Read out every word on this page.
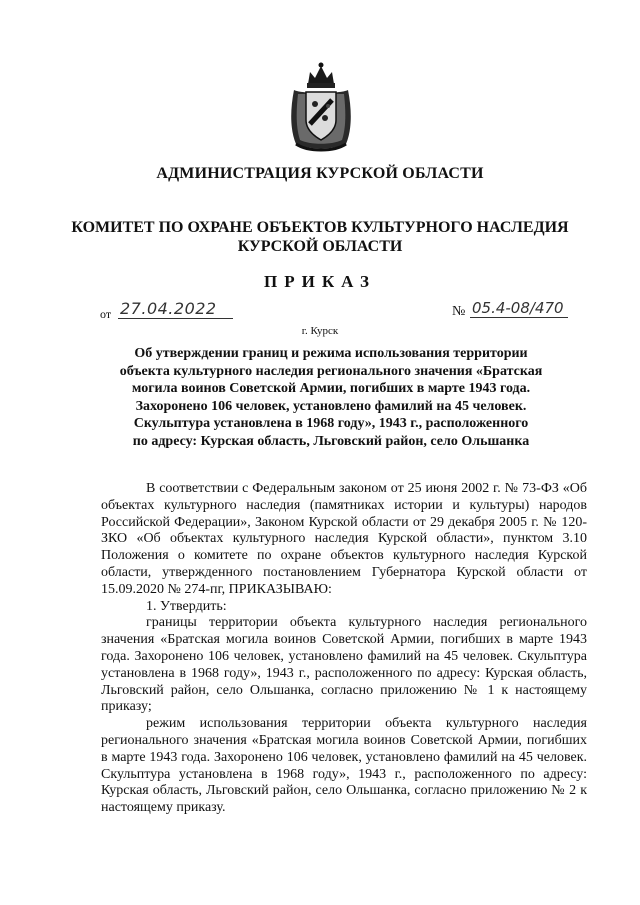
АДМИНИСТРАЦИЯ КУРСКОЙ ОБЛАСТИ
КОМИТЕТ ПО ОХРАНЕ ОБЪЕКТОВ КУЛЬТУРНОГО НАСЛЕДИЯ
КУРСКОЙ ОБЛАСТИ
ПРИКАЗ
от 27.04.2022	№ 05.4-08/470
г. Курск
Об утверждении границ и режима использования территории
объекта культурного наследия регионального значения «Братская
могила воинов Советской Армии, погибших в марте 1943 года.
Захоронено 106 человек, установлено фамилий на 45 человек.
Скульптура установлена в 1968 году», 1943 г., расположенного
по адресу: Курская область, Льговский район, село Ольшанка

В соответствии с Федеральным законом от 25 июня 2002 г. № 73-ФЗ «Об объектах культурного наследия (памятниках истории и культуры) народов Российской Федерации», Законом Курской области от 29 декабря 2005 г. № 120-ЗКО «Об объектах культурного наследия Курской области», пунктом 3.10 Положения о комитете по охране объектов культурного наследия Курской области, утвержденного постановлением Губернатора Курской области от 15.09.2020 № 274-пг, ПРИКАЗЫВАЮ:

1. Утвердить:

границы территории объекта культурного наследия регионального значения «Братская могила воинов Советской Армии, погибших в марте 1943 года. Захоронено 106 человек, установлено фамилий на 45 человек. Скульптура установлена в 1968 году», 1943 г., расположенного по адресу: Курская область, Льговский район, село Ольшанка, согласно приложению № 1 к настоящему приказу;

режим использования территории объекта культурного наследия регионального значения «Братская могила воинов Советской Армии, погибших в марте 1943 года. Захоронено 106 человек, установлено фамилий на 45 человек. Скульптура установлена в 1968 году», 1943 г., расположенного по адресу: Курская область, Льговский район, село Ольшанка, согласно приложению № 2 к настоящему приказу.
